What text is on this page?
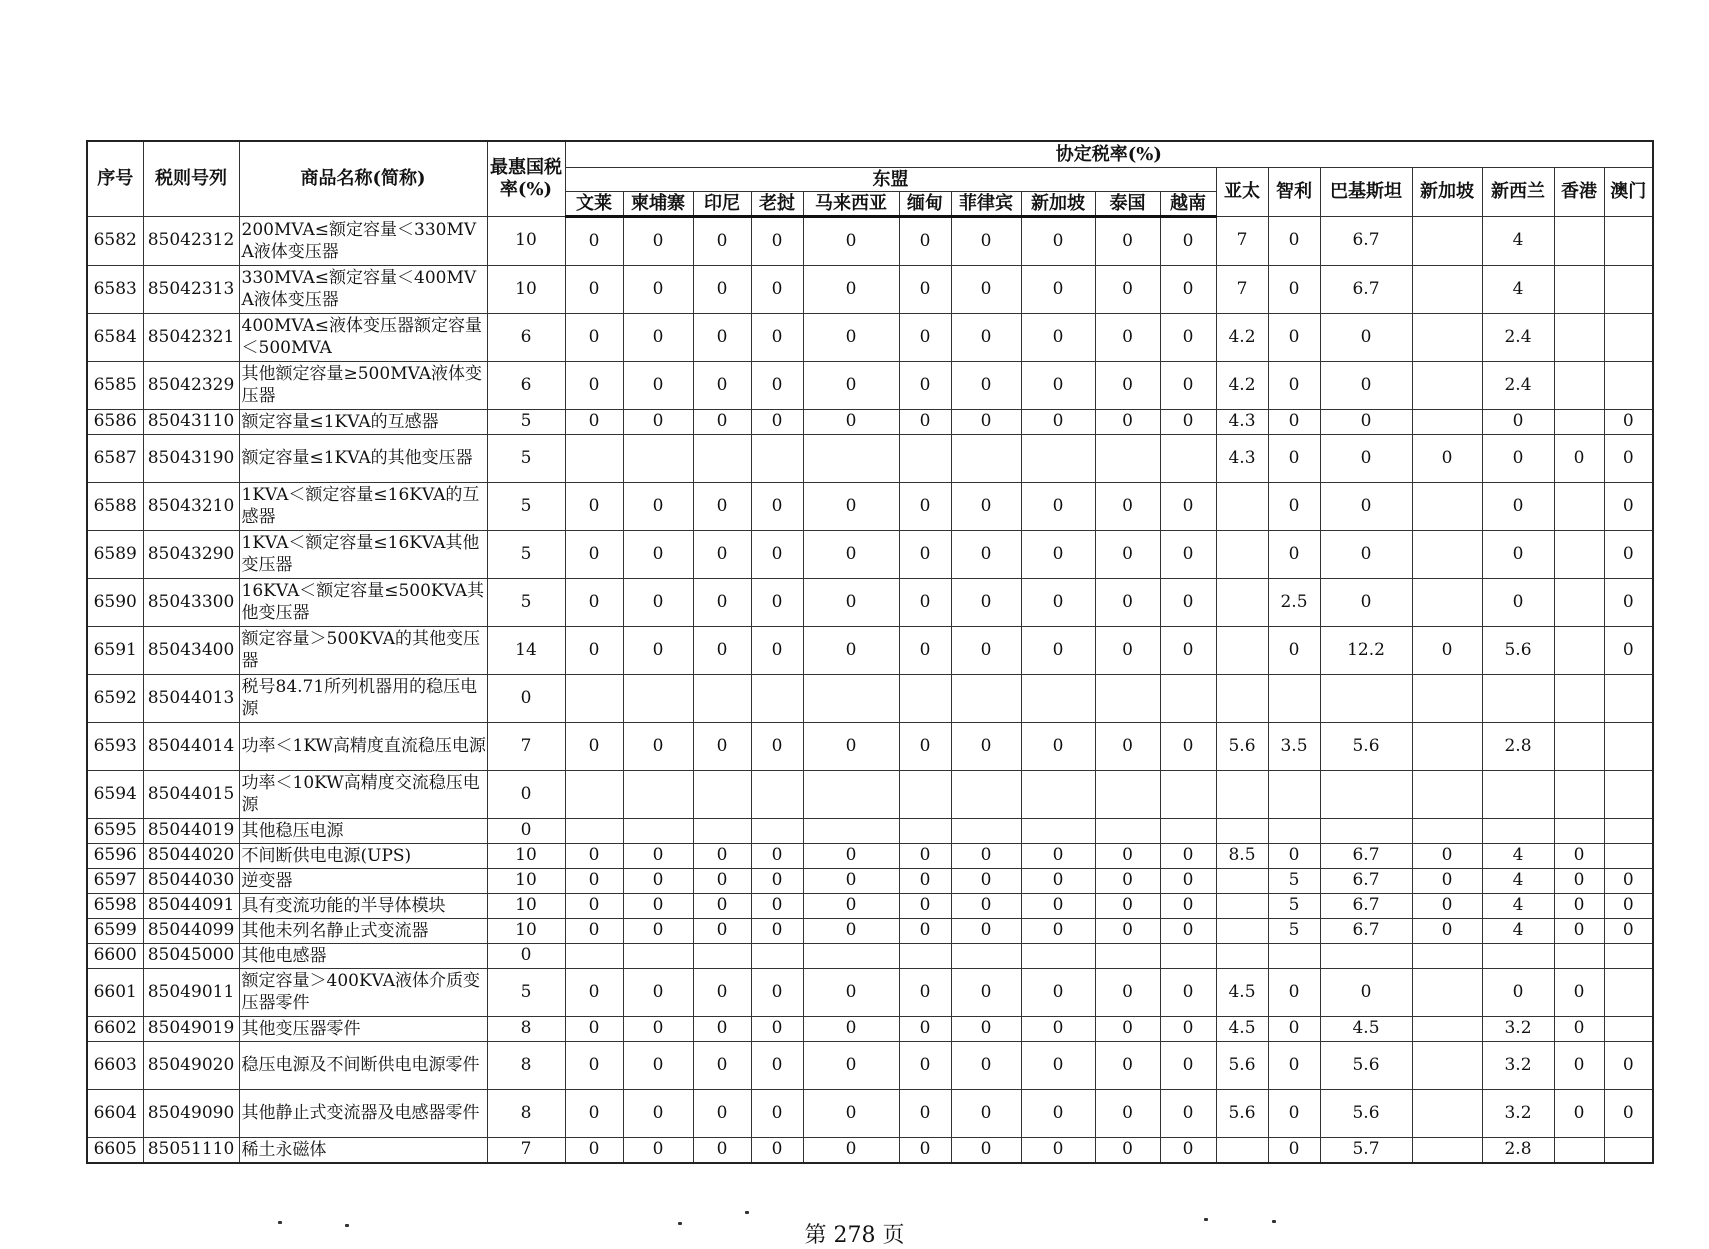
序号	税则号列	商品名称(简称)	最惠国税率(%)	协定税率(%)																
				东盟										亚太	智利	巴基斯坦	新加坡	新西兰	香港	澳门
				文莱	柬埔寨	印尼	老挝	马来西亚	缅甸	菲律宾	新加坡	泰国	越南							
6582	85042312	200MVA≤额定容量＜330MVA液体变压器	10	0	0	0	0	0	0	0	0	0	0	7	0	6.7		4		
6583	85042313	330MVA≤额定容量＜400MVA液体变压器	10	0	0	0	0	0	0	0	0	0	0	7	0	6.7		4		
6584	85042321	400MVA≤液体变压器额定容量＜500MVA	6	0	0	0	0	0	0	0	0	0	0	4.2	0	0		2.4		
6585	85042329	其他额定容量≥500MVA液体变压器	6	0	0	0	0	0	0	0	0	0	0	4.2	0	0		2.4		
6586	85043110	额定容量≤1KVA的互感器	5	0	0	0	0	0	0	0	0	0	0	4.3	0	0		0		0
6587	85043190	额定容量≤1KVA的其他变压器	5											4.3	0	0	0	0	0	0
6588	85043210	1KVA＜额定容量≤16KVA的互感器	5	0	0	0	0	0	0	0	0	0	0		0	0		0		0
6589	85043290	1KVA＜额定容量≤16KVA其他变压器	5	0	0	0	0	0	0	0	0	0	0		0	0		0		0
6590	85043300	16KVA＜额定容量≤500KVA其他变压器	5	0	0	0	0	0	0	0	0	0	0		2.5	0		0		0
6591	85043400	额定容量＞500KVA的其他变压器	14	0	0	0	0	0	0	0	0	0	0		0	12.2	0	5.6		0
6592	85044013	税号84.71所列机器用的稳压电源	0																	
6593	85044014	功率＜1KW高精度直流稳压电源	7	0	0	0	0	0	0	0	0	0	0	5.6	3.5	5.6		2.8		
6594	85044015	功率＜10KW高精度交流稳压电源	0																	
6595	85044019	其他稳压电源	0																	
6596	85044020	不间断供电电源(UPS)	10	0	0	0	0	0	0	0	0	0	0	8.5	0	6.7	0	4	0	
6597	85044030	逆变器	10	0	0	0	0	0	0	0	0	0	0		5	6.7	0	4	0	0
6598	85044091	具有变流功能的半导体模块	10	0	0	0	0	0	0	0	0	0	0		5	6.7	0	4	0	0
6599	85044099	其他未列名静止式变流器	10	0	0	0	0	0	0	0	0	0	0		5	6.7	0	4	0	0
6600	85045000	其他电感器	0																	
6601	85049011	额定容量＞400KVA液体介质变压器零件	5	0	0	0	0	0	0	0	0	0	0	4.5	0	0		0	0	
6602	85049019	其他变压器零件	8	0	0	0	0	0	0	0	0	0	0	4.5	0	4.5		3.2	0	
6603	85049020	稳压电源及不间断供电电源零件	8	0	0	0	0	0	0	0	0	0	0	5.6	0	5.6		3.2	0	0
6604	85049090	其他静止式变流器及电感器零件	8	0	0	0	0	0	0	0	0	0	0	5.6	0	5.6		3.2	0	0
6605	85051110	稀土永磁体	7	0	0	0	0	0	0	0	0	0	0		0	5.7		2.8		
第 278 页
